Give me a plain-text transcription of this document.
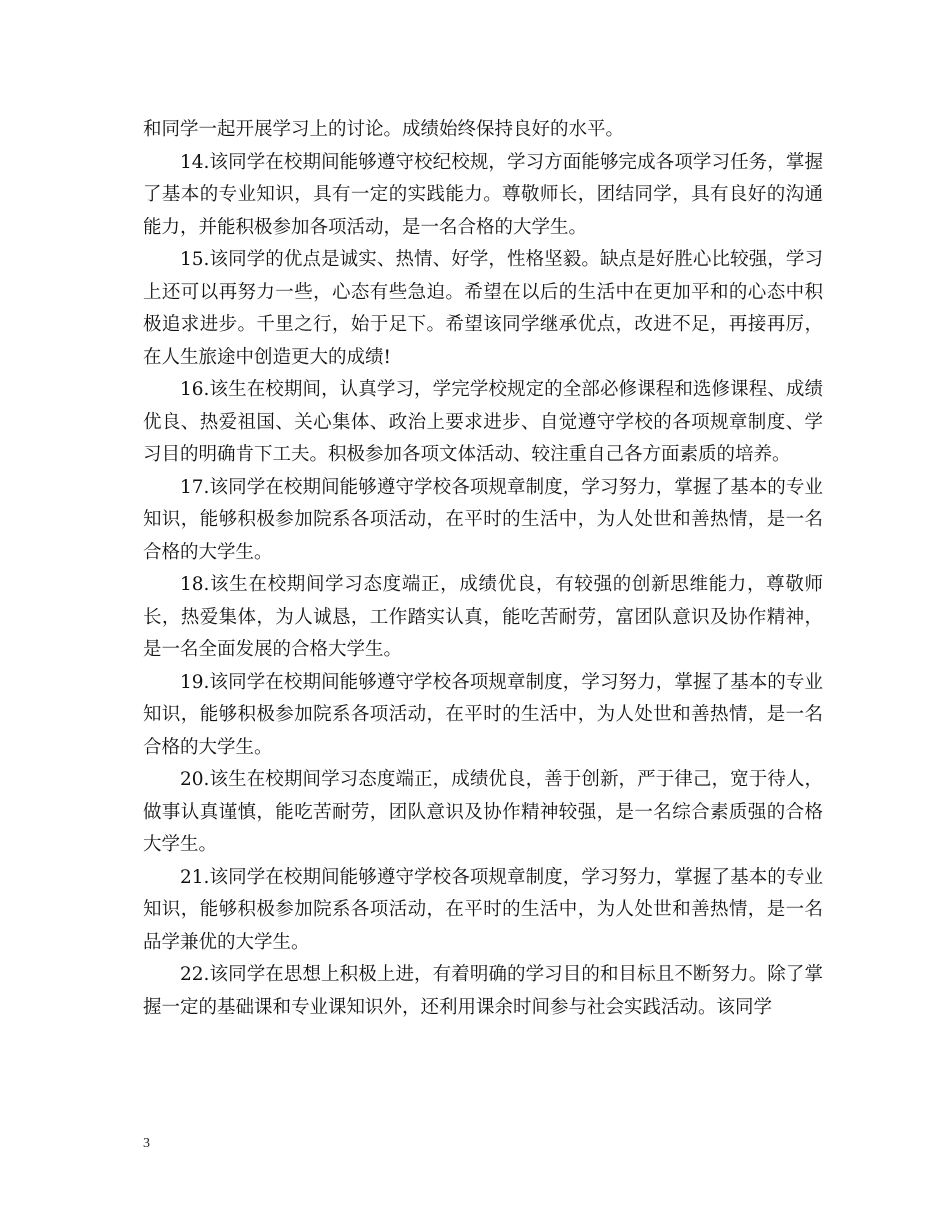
和同学一起开展学习上的讨论。成绩始终保持良好的水平。

14.该同学在校期间能够遵守校纪校规，学习方面能够完成各项学习任务，掌握了基本的专业知识，具有一定的实践能力。尊敬师长，团结同学，具有良好的沟通能力，并能积极参加各项活动，是一名合格的大学生。

15.该同学的优点是诚实、热情、好学，性格坚毅。缺点是好胜心比较强，学习上还可以再努力一些，心态有些急迫。希望在以后的生活中在更加平和的心态中积极追求进步。千里之行，始于足下。希望该同学继承优点，改进不足，再接再厉，在人生旅途中创造更大的成绩!

16.该生在校期间，认真学习，学完学校规定的全部必修课程和选修课程、成绩优良、热爱祖国、关心集体、政治上要求进步、自觉遵守学校的各项规章制度、学习目的明确肯下工夫。积极参加各项文体活动、较注重自己各方面素质的培养。

17.该同学在校期间能够遵守学校各项规章制度，学习努力，掌握了基本的专业知识，能够积极参加院系各项活动，在平时的生活中，为人处世和善热情，是一名合格的大学生。

18.该生在校期间学习态度端正，成绩优良，有较强的创新思维能力，尊敬师长，热爱集体，为人诚恳，工作踏实认真，能吃苦耐劳，富团队意识及协作精神，是一名全面发展的合格大学生。

19.该同学在校期间能够遵守学校各项规章制度，学习努力，掌握了基本的专业知识，能够积极参加院系各项活动，在平时的生活中，为人处世和善热情，是一名合格的大学生。

20.该生在校期间学习态度端正，成绩优良，善于创新，严于律己，宽于待人，做事认真谨慎，能吃苦耐劳，团队意识及协作精神较强，是一名综合素质强的合格大学生。

21.该同学在校期间能够遵守学校各项规章制度，学习努力，掌握了基本的专业知识，能够积极参加院系各项活动，在平时的生活中，为人处世和善热情，是一名品学兼优的大学生。

22.该同学在思想上积极上进，有着明确的学习目的和目标且不断努力。除了掌握一定的基础课和专业课知识外，还利用课余时间参与社会实践活动。该同学

3
